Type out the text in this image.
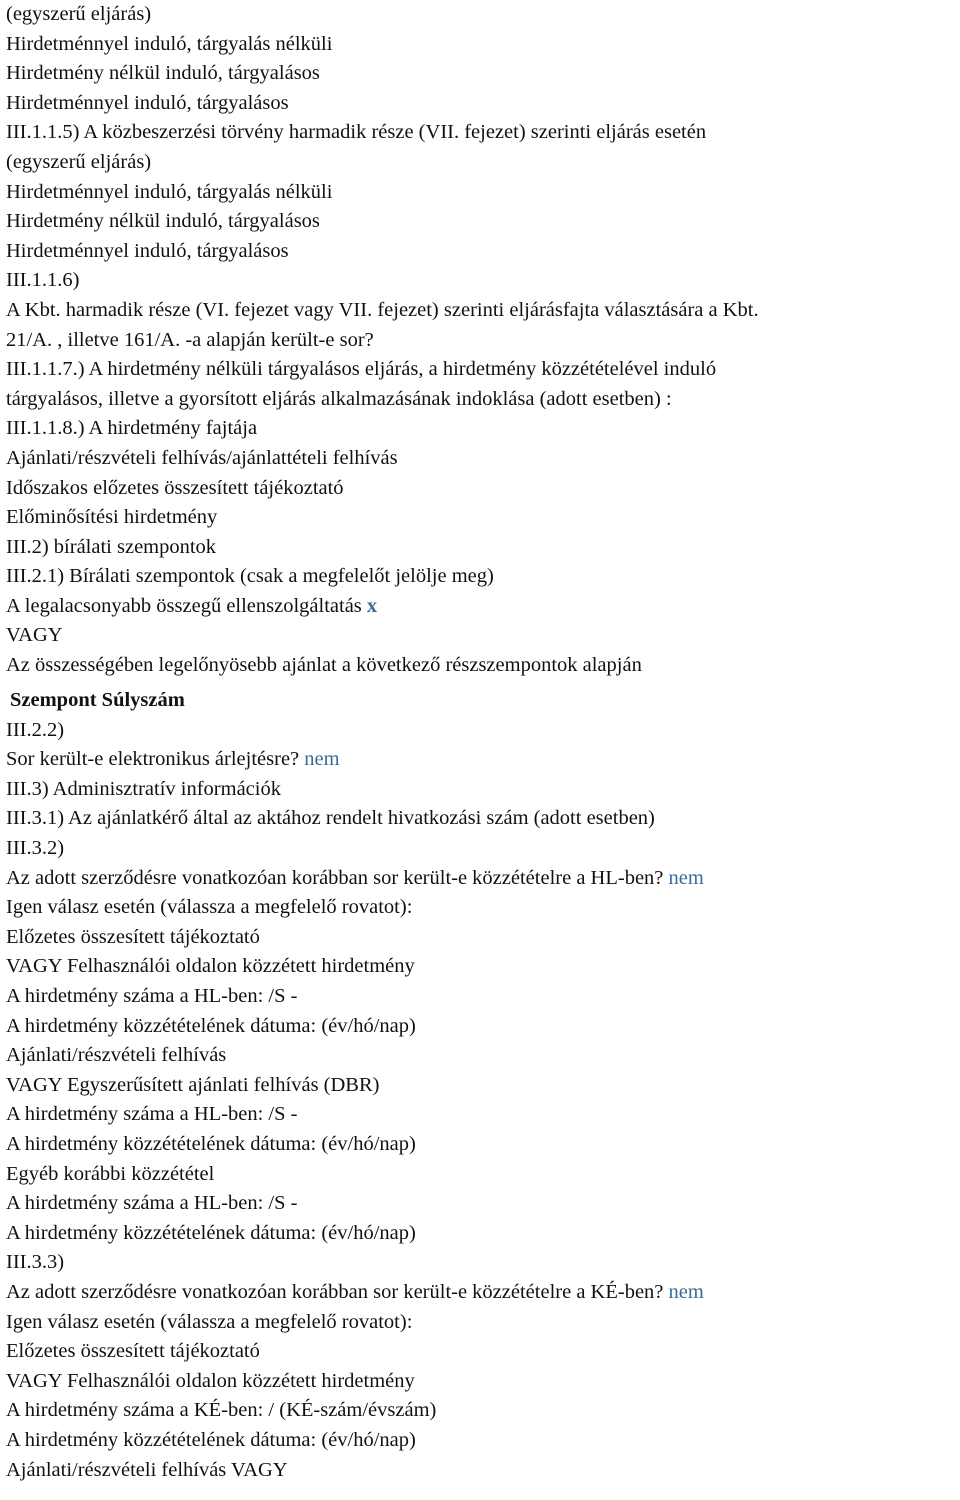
(egyszerű eljárás)
Hirdetménnyel induló, tárgyalás nélküli
Hirdetmény nélkül induló, tárgyalásos
Hirdetménnyel induló, tárgyalásos
III.1.1.5) A közbeszerzési törvény harmadik része (VII. fejezet) szerinti eljárás esetén
(egyszerű eljárás)
Hirdetménnyel induló, tárgyalás nélküli
Hirdetmény nélkül induló, tárgyalásos
Hirdetménnyel induló, tárgyalásos
III.1.1.6)
A Kbt. harmadik része (VI. fejezet vagy VII. fejezet) szerinti eljárásfajta választására a Kbt.
21/A. , illetve 161/A. -a alapján került-e sor?
III.1.1.7.) A hirdetmény nélküli tárgyalásos eljárás, a hirdetmény közzétételével induló
tárgyalásos, illetve a gyorsított eljárás alkalmazásának indoklása (adott esetben) :
III.1.1.8.) A hirdetmény fajtája
Ajánlati/részvételi felhívás/ajánlattételi felhívás
Időszakos előzetes összesített tájékoztató
Előminősítési hirdetmény
III.2) bírálati szempontok
III.2.1) Bírálati szempontok (csak a megfelelőt jelölje meg)
A legalacsonyabb összegű ellenszolgáltatás x
VAGY
Az összességében legelőnyösebb ajánlat a következő részszempontok alapján
Szempont Súlyszám
III.2.2)
Sor került-e elektronikus árlejtésre? nem
III.3) Adminisztratív információk
III.3.1) Az ajánlatkérő által az aktához rendelt hivatkozási szám (adott esetben)
III.3.2)
Az adott szerződésre vonatkozóan korábban sor került-e közzétételre a HL-ben? nem
Igen válasz esetén (válassza a megfelelő rovatot):
Előzetes összesített tájékoztató
VAGY Felhasználói oldalon közzétett hirdetmény
A hirdetmény száma a HL-ben: /S -
A hirdetmény közzétételének dátuma: (év/hó/nap)
Ajánlati/részvételi felhívás
VAGY Egyszerűsített ajánlati felhívás (DBR)
A hirdetmény száma a HL-ben: /S -
A hirdetmény közzétételének dátuma: (év/hó/nap)
Egyéb korábbi közzététel
A hirdetmény száma a HL-ben: /S -
A hirdetmény közzétételének dátuma: (év/hó/nap)
III.3.3)
Az adott szerződésre vonatkozóan korábban sor került-e közzétételre a KÉ-ben? nem
Igen válasz esetén (válassza a megfelelő rovatot):
Előzetes összesített tájékoztató
VAGY Felhasználói oldalon közzétett hirdetmény
A hirdetmény száma a KÉ-ben: / (KÉ-szám/évszám)
A hirdetmény közzétételének dátuma: (év/hó/nap)
Ajánlati/részvételi felhívás VAGY
